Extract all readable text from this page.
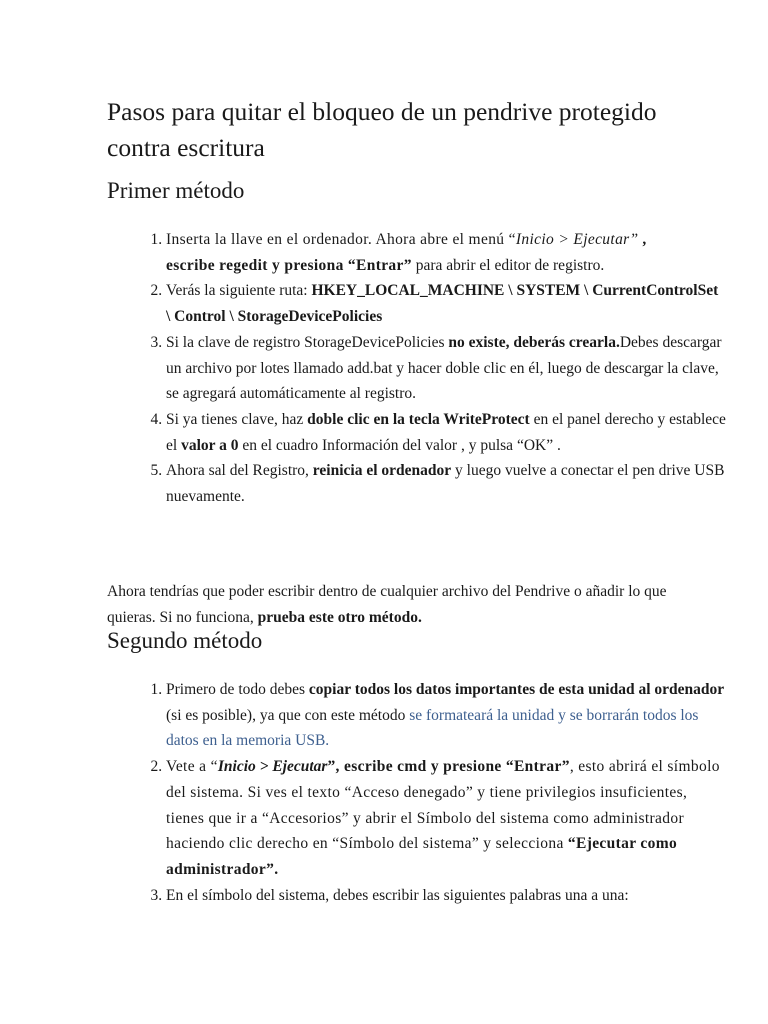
Pasos para quitar el bloqueo de un pendrive protegido contra escritura
Primer método
1. Inserta la llave en el ordenador. Ahora abre el menú “Inicio > Ejecutar” ,
escribe regedit y presiona “Entrar” para abrir el editor de registro.
2. Verás la siguiente ruta: HKEY_LOCAL_MACHINE \ SYSTEM \ CurrentControlSet \ Control \ StorageDevicePolicies
3. Si la clave de registro StorageDevicePolicies no existe, deberás crearla.Debes descargar un archivo por lotes llamado add.bat y hacer doble clic en él, luego de descargar la clave, se agregará automáticamente al registro.
4. Si ya tienes clave, haz doble clic en la tecla WriteProtect en el panel derecho y establece el valor a 0 en el cuadro Información del valor , y pulsa “OK” .
5. Ahora sal del Registro, reinicia el ordenador y luego vuelve a conectar el pen drive USB nuevamente.

Ahora tendrías que poder escribir dentro de cualquier archivo del Pendrive o añadir lo que quieras. Si no funciona, prueba este otro método.

Segundo método
1. Primero de todo debes copiar todos los datos importantes de esta unidad al ordenador (si es posible), ya que con este método se formateará la unidad y se borrarán todos los datos en la memoria USB.
2. Vete a “Inicio > Ejecutar”, escribe cmd y presione “Entrar”, esto abrirá el símbolo del sistema. Si ves el texto “Acceso denegado” y tiene privilegios insuficientes, tienes que ir a “Accesorios” y abrir el Símbolo del sistema como administrador haciendo clic derecho en “Símbolo del sistema” y selecciona “Ejecutar como administrador”.
3. En el símbolo del sistema, debes escribir las siguientes palabras una a una:
